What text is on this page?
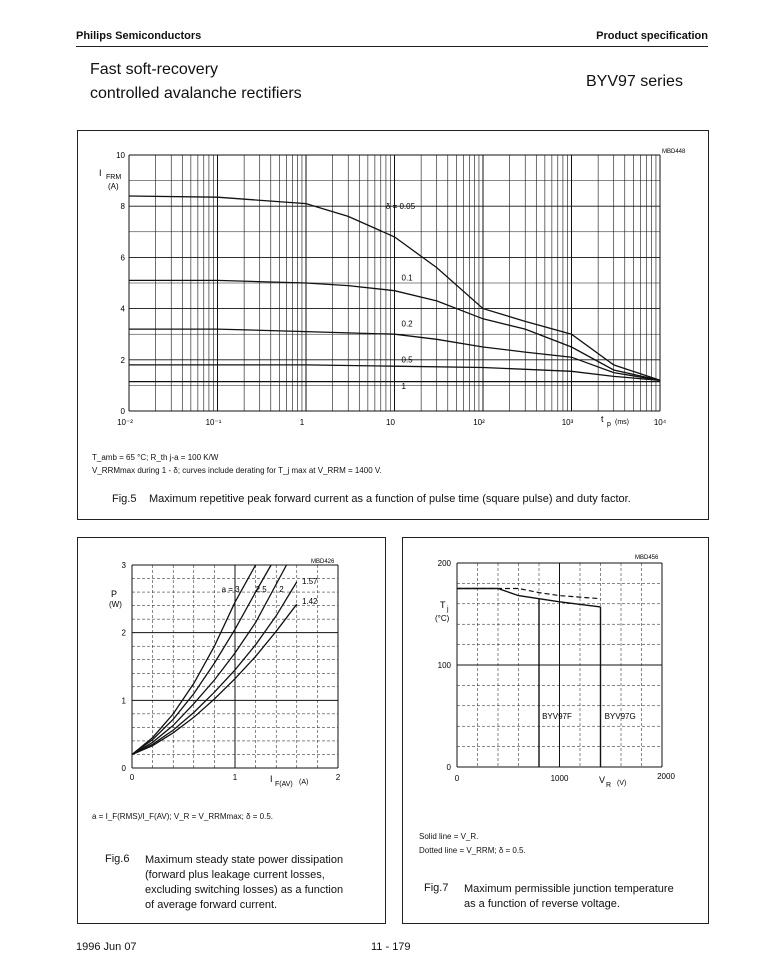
Philips Semiconductors	Product specification
Fast soft-recovery
controlled avalanche rectifiers
BYV97 series
MBD448
I FRM
(A)
t
p (ms)
0
2
4
6
8
10
10⁻²	10⁻¹	1	10	10²	10³	10⁴
δ = 0.05
0.1
0.2
0.5
1
T_amb = 65 °C; R_th j-a = 100 K/W
V_RRMmax during 1 - δ; curves include derating for T_j max at V_RRM = 1400 V.
Fig.5 Maximum repetitive peak forward current as a function of pulse time (square pulse) and duty factor.
MBD426
P
(W)
I
F(AV) (A)
0
1
2
3
0	1	2
a = 3 2.5 2
1.57
1.42
a = I_F(RMS)/I_F(AV); V_R = V_RRMmax; δ = 0.5.
Fig.6 Maximum steady state power dissipation
(forward plus leakage current losses,
excluding switching losses) as a function
of average forward current.
MBD456
T j
(°C)
V
R (V)
0
100
200
0	1000	2000
BYV97F	BYV97G
Solid line = V_R.
Dotted line = V_RRM; δ = 0.5.
Fig.7 Maximum permissible junction temperature
as a function of reverse voltage.
1996 Jun 07	11 - 179
